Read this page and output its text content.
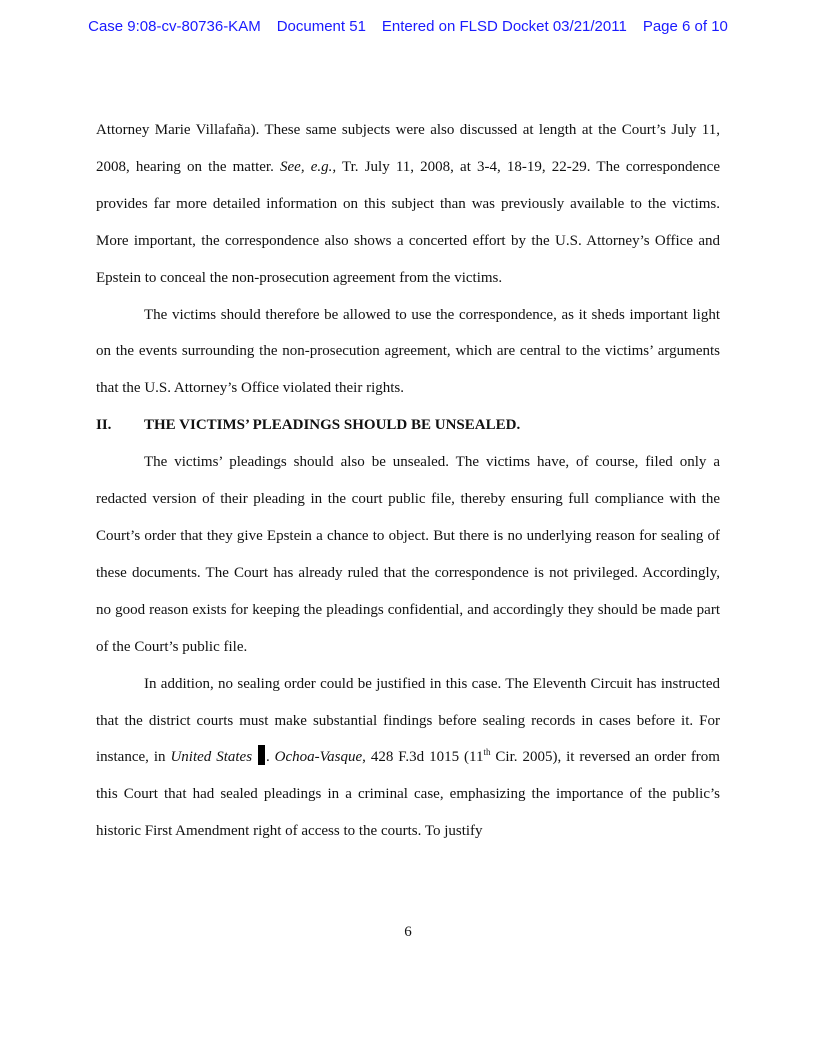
Case 9:08-cv-80736-KAM Document 51 Entered on FLSD Docket 03/21/2011 Page 6 of 10

Attorney Marie Villafaña). These same subjects were also discussed at length at the Court’s July 11, 2008, hearing on the matter. See, e.g., Tr. July 11, 2008, at 3-4, 18-19, 22-29. The correspondence provides far more detailed information on this subject than was previously available to the victims. More important, the correspondence also shows a concerted effort by the U.S. Attorney’s Office and Epstein to conceal the non-prosecution agreement from the victims.

The victims should therefore be allowed to use the correspondence, as it sheds important light on the events surrounding the non-prosecution agreement, which are central to the victims’ arguments that the U.S. Attorney’s Office violated their rights.

II.	THE VICTIMS’ PLEADINGS SHOULD BE UNSEALED.

The victims’ pleadings should also be unsealed. The victims have, of course, filed only a redacted version of their pleading in the court public file, thereby ensuring full compliance with the Court’s order that they give Epstein a chance to object. But there is no underlying reason for sealing of these documents. The Court has already ruled that the correspondence is not privileged. Accordingly, no good reason exists for keeping the pleadings confidential, and accordingly they should be made part of the Court’s public file.

In addition, no sealing order could be justified in this case. The Eleventh Circuit has instructed that the district courts must make substantial findings before sealing records in cases before it. For instance, in United States . Ochoa-Vasque, 428 F.3d 1015 (11th Cir. 2005), it reversed an order from this Court that had sealed pleadings in a criminal case, emphasizing the importance of the public’s historic First Amendment right of access to the courts. To justify

6
